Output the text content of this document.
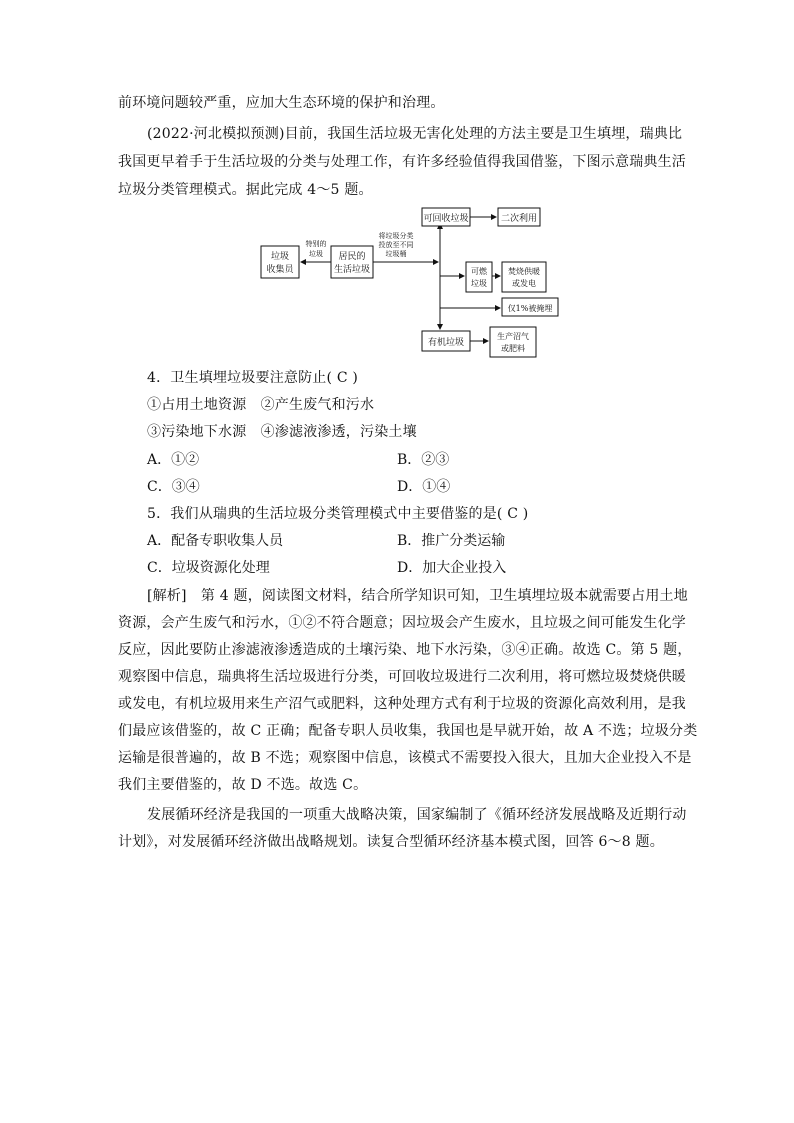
前环境问题较严重，应加大生态环境的保护和治理。
(2022·河北模拟预测)目前，我国生活垃圾无害化处理的方法主要是卫生填埋，瑞典比
我国更早着手于生活垃圾的分类与处理工作，有许多经验值得我国借鉴，下图示意瑞典生活
垃圾分类管理模式。据此完成 4～5 题。
垃圾
收集员
居民的
生活垃圾
特别的
垃圾
将垃圾分类
投放至不同
垃圾桶
可回收垃圾	二次利用
可燃
垃圾
焚烧供暖
或发电
仅1%被掩埋
有机垃圾
生产沼气
或肥料
4．卫生填埋垃圾要注意防止( C )
①占用土地资源　②产生废气和污水
③污染地下水源　④渗滤液渗透，污染土壤
A．①②	B．②③
C．③④	D．①④
5．我们从瑞典的生活垃圾分类管理模式中主要借鉴的是( C )
A．配备专职收集人员	B．推广分类运输
C．垃圾资源化处理	D．加大企业投入
[解析]　第 4 题，阅读图文材料，结合所学知识可知，卫生填埋垃圾本就需要占用土地
资源，会产生废气和污水，①②不符合题意；因垃圾会产生废水，且垃圾之间可能发生化学
反应，因此要防止渗滤液渗透造成的土壤污染、地下水污染，③④正确。故选 C。第 5 题，
观察图中信息，瑞典将生活垃圾进行分类，可回收垃圾进行二次利用，将可燃垃圾焚烧供暖
或发电，有机垃圾用来生产沼气或肥料，这种处理方式有利于垃圾的资源化高效利用，是我
们最应该借鉴的，故 C 正确；配备专职人员收集，我国也是早就开始，故 A 不选；垃圾分类
运输是很普遍的，故 B 不选；观察图中信息，该模式不需要投入很大，且加大企业投入不是
我们主要借鉴的，故 D 不选。故选 C。
发展循环经济是我国的一项重大战略决策，国家编制了《循环经济发展战略及近期行动
计划》，对发展循环经济做出战略规划。读复合型循环经济基本模式图，回答 6～8 题。
